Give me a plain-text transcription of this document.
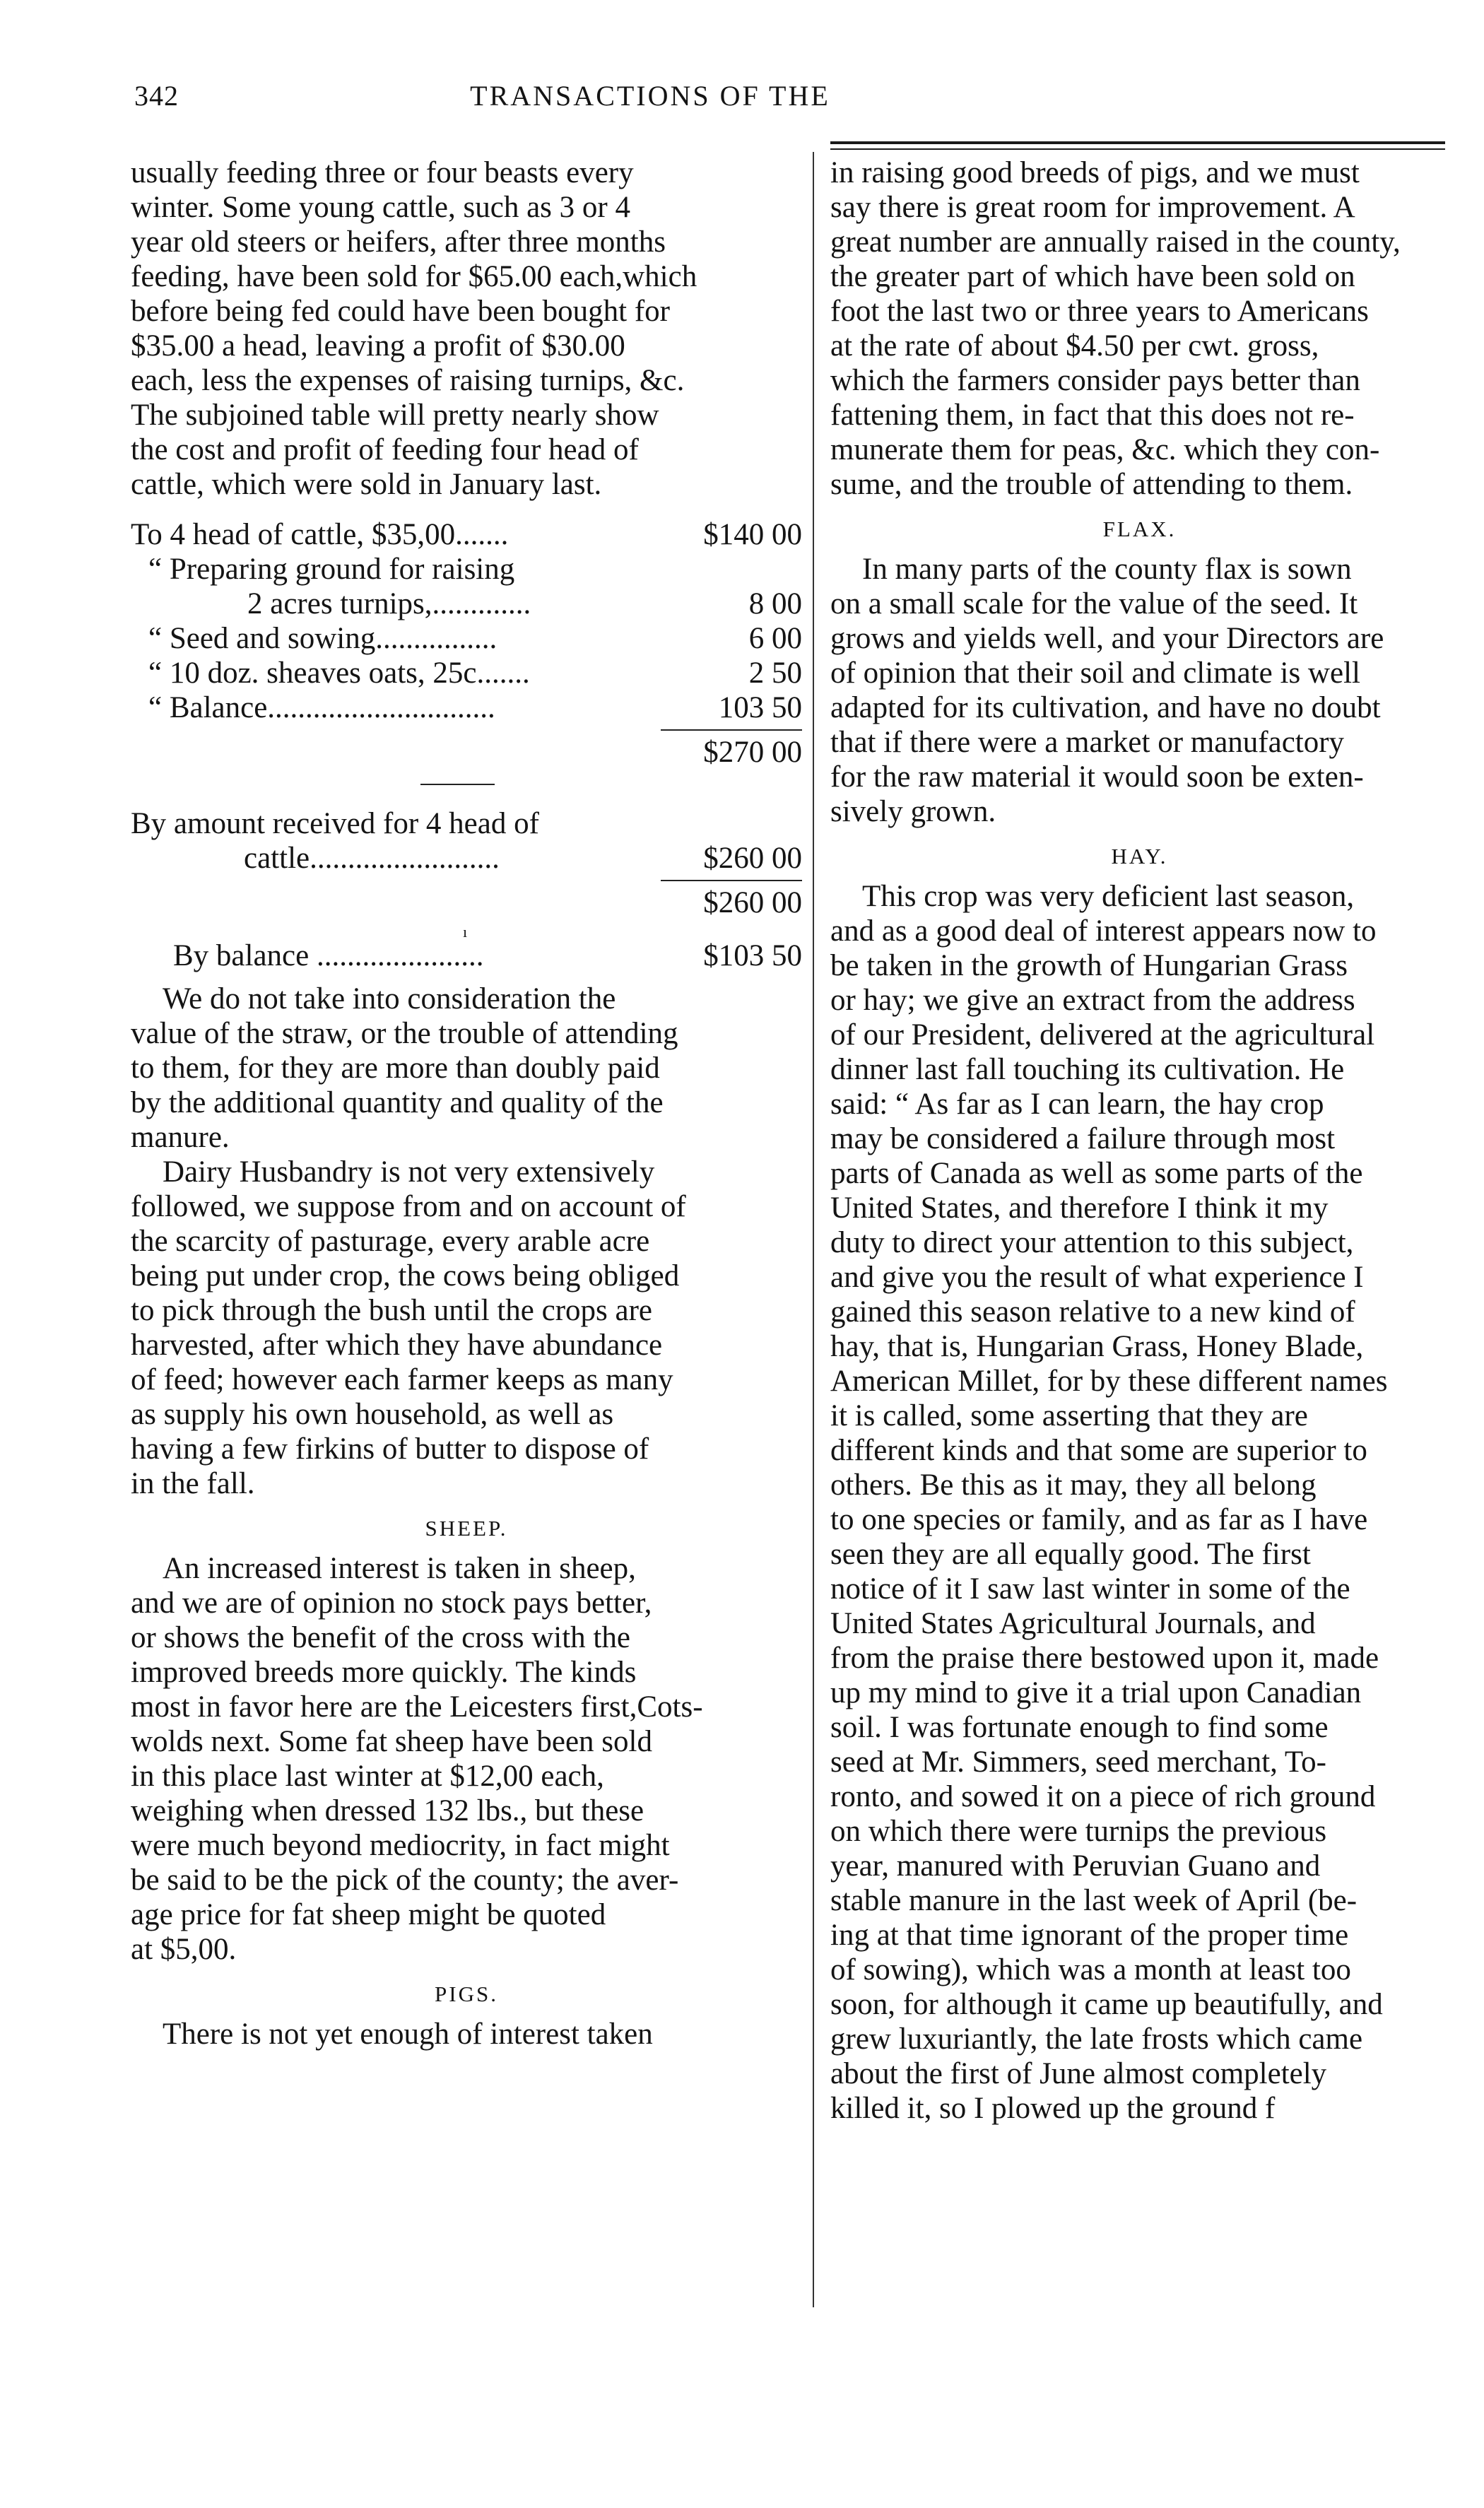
342	TRANSACTIONS OF THE
usually feeding three or four beasts every
winter. Some young cattle, such as 3 or 4
year old steers or heifers, after three months
feeding, have been sold for $65.00 each,which
before being fed could have been bought for
$35.00 a head, leaving a profit of $30.00
each, less the expenses of raising turnips, &c.
The subjoined table will pretty nearly show
the cost and profit of feeding four head of
cattle, which were sold in January last.
To 4 head of cattle, $35,00.......	$140 00
“ Preparing ground for raising
2 acres turnips,.............	8 00
“ Seed and sowing................	6 00
“ 10 doz. sheaves oats, 25c.......	2 50
“ Balance..............................	103 50
$270 00
By amount received for 4 head of
cattle.........................	$260 00
$260 00
ı
By balance ......................	$103 50
We do not take into consideration the
value of the straw, or the trouble of attending
to them, for they are more than doubly paid
by the additional quantity and quality of the
manure.
Dairy Husbandry is not very extensively
followed, we suppose from and on account of
the scarcity of pasturage, every arable acre
being put under crop, the cows being obliged
to pick through the bush until the crops are
harvested, after which they have abundance
of feed; however each farmer keeps as many
as supply his own household, as well as
having a few firkins of butter to dispose of
in the fall.
SHEEP.
An increased interest is taken in sheep,
and we are of opinion no stock pays better,
or shows the benefit of the cross with the
improved breeds more quickly. The kinds
most in favor here are the Leicesters first,Cots-
wolds next. Some fat sheep have been sold
in this place last winter at $12,00 each,
weighing when dressed 132 lbs., but these
were much beyond mediocrity, in fact might
be said to be the pick of the county; the aver-
age price for fat sheep might be quoted
at $5,00.
PIGS.
There is not yet enough of interest taken
in raising good breeds of pigs, and we must
say there is great room for improvement. A
great number are annually raised in the county,
the greater part of which have been sold on
foot the last two or three years to Americans
at the rate of about $4.50 per cwt. gross,
which the farmers consider pays better than
fattening them, in fact that this does not re-
munerate them for peas, &c. which they con-
sume, and the trouble of attending to them.
FLAX.
In many parts of the county flax is sown
on a small scale for the value of the seed. It
grows and yields well, and your Directors are
of opinion that their soil and climate is well
adapted for its cultivation, and have no doubt
that if there were a market or manufactory
for the raw material it would soon be exten-
sively grown.
HAY.
This crop was very deficient last season,
and as a good deal of interest appears now to
be taken in the growth of Hungarian Grass
or hay; we give an extract from the address
of our President, delivered at the agricultural
dinner last fall touching its cultivation. He
said: “ As far as I can learn, the hay crop
may be considered a failure through most
parts of Canada as well as some parts of the
United States, and therefore I think it my
duty to direct your attention to this subject,
and give you the result of what experience I
gained this season relative to a new kind of
hay, that is, Hungarian Grass, Honey Blade,
American Millet, for by these different names
it is called, some asserting that they are
different kinds and that some are superior to
others. Be this as it may, they all belong
to one species or family, and as far as I have
seen they are all equally good. The first
notice of it I saw last winter in some of the
United States Agricultural Journals, and
from the praise there bestowed upon it, made
up my mind to give it a trial upon Canadian
soil. I was fortunate enough to find some
seed at Mr. Simmers, seed merchant, To-
ronto, and sowed it on a piece of rich ground
on which there were turnips the previous
year, manured with Peruvian Guano and
stable manure in the last week of April (be-
ing at that time ignorant of the proper time
of sowing), which was a month at least too
soon, for although it came up beautifully, and
grew luxuriantly, the late frosts which came
about the first of June almost completely
killed it, so I plowed up the ground f
